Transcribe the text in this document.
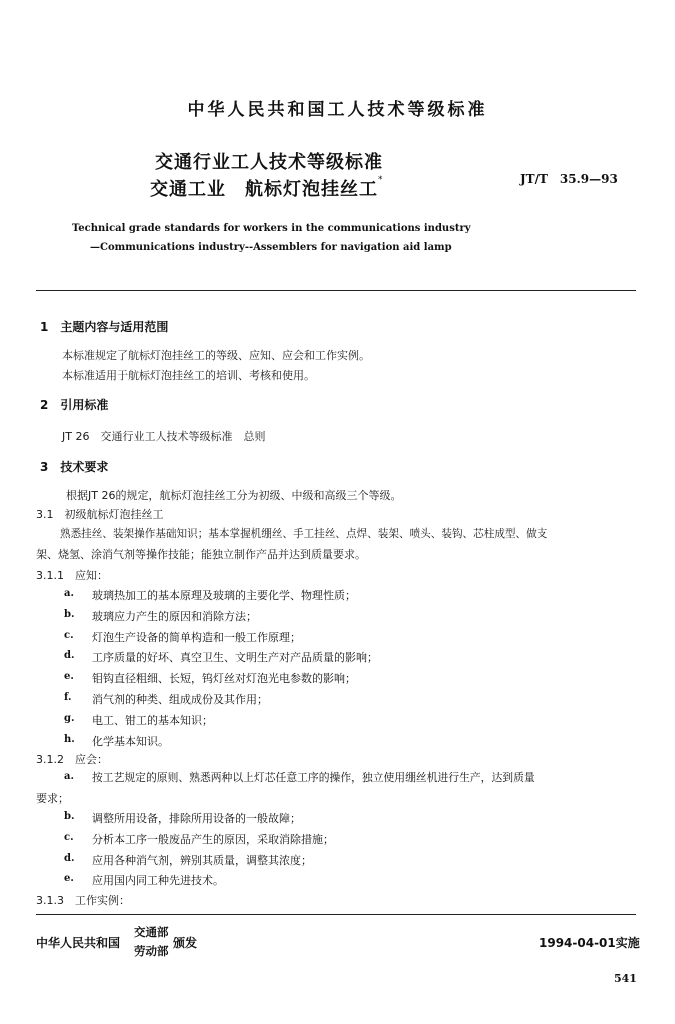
中华人民共和国工人技术等级标准
交通行业工人技术等级标准
交通工业　航标灯泡挂丝工*	JT/T　35.9—93
Technical grade standards for workers in the communications industry
—Communications industry--Assemblers for navigation aid lamp
1　主题内容与适用范围
本标准规定了航标灯泡挂丝工的等级、应知、应会和工作实例。
本标准适用于航标灯泡挂丝工的培训、考核和使用。
2　引用标准
JT 26　交通行业工人技术等级标准　总则
3　技术要求
根据JT 26的规定，航标灯泡挂丝工分为初级、中级和高级三个等级。
3.1　初级航标灯泡挂丝工
熟悉挂丝、装架操作基础知识；基本掌握机绷丝、手工挂丝、点焊、装架、喷头、装钩、芯柱成型、做支
架、烧氢、涂消气剂等操作技能；能独立制作产品并达到质量要求。
3.1.1　应知：
a. 玻璃热加工的基本原理及玻璃的主要化学、物理性质；
b. 玻璃应力产生的原因和消除方法；
c. 灯泡生产设备的简单构造和一般工作原理；
d. 工序质量的好坏、真空卫生、文明生产对产品质量的影响；
e. 钼钩直径粗细、长短，钨灯丝对灯泡光电参数的影响；
f. 消气剂的种类、组成成份及其作用；
g. 电工、钳工的基本知识；
h. 化学基本知识。
3.1.2　应会：
a. 按工艺规定的原则、熟悉两种以上灯芯任意工序的操作，独立使用绷丝机进行生产，达到质量
要求；
b. 调整所用设备，排除所用设备的一般故障；
c. 分析本工序一般废品产生的原因，采取消除措施；
d. 应用各种消气剂，辨别其质量，调整其浓度；
e. 应用国内同工种先进技术。
3.1.3　工作实例：
中华人民共和国
交通部
劳动部
颁发	1994-04-01实施
541
